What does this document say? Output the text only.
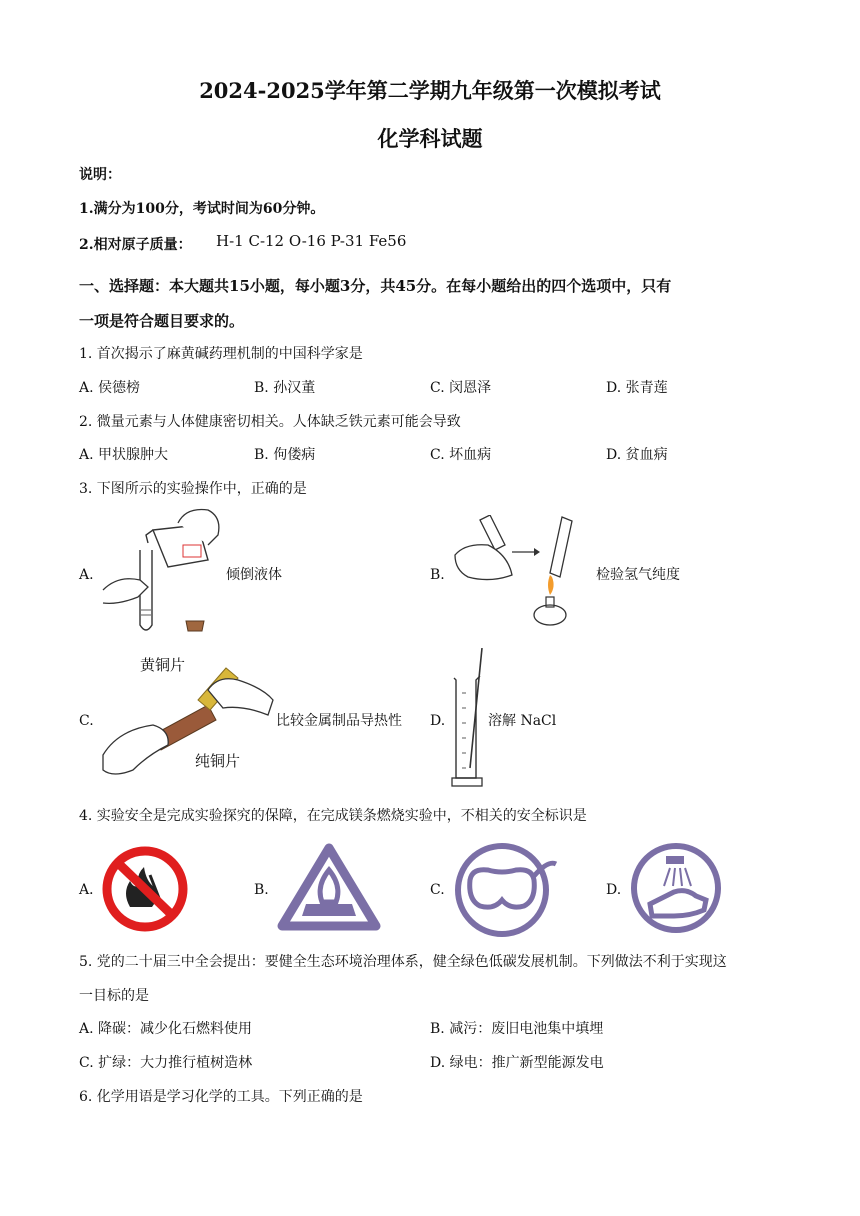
2024-2025学年第二学期九年级第一次模拟考试
化学科试题
说明：
1.满分为100分，考试时间为60分钟。
2.相对原子质量： H-1 C-12 O-16 P-31 Fe56
一、选择题：本大题共15小题，每小题3分，共45分。在每小题给出的四个选项中，只有
一项是符合题目要求的。
1. 首次揭示了麻黄碱药理机制的中国科学家是
A. 侯德榜	B. 孙汉董	C. 闵恩泽	D. 张青莲
2. 微量元素与人体健康密切相关。人体缺乏铁元素可能会导致
A. 甲状腺肿大	B. 佝偻病	C. 坏血病	D. 贫血病
3. 下图所示的实验操作中，正确的是
A.	倾倒液体	B.	检验氢气纯度
C.
黄铜片
纯铜片
比较金属制品导热性 D.	溶解 NaCl
4. 实验安全是完成实验探究的保障，在完成镁条燃烧实验中，不相关的安全标识是
A．	B.	C.	D.
5. 党的二十届三中全会提出：要健全生态环境治理体系，健全绿色低碳发展机制。下列做法不利于实现这
一目标的是
A. 降碳：减少化石燃料使用	B. 减污：废旧电池集中填埋
C. 扩绿：大力推行植树造林	D. 绿电：推广新型能源发电
6. 化学用语是学习化学的工具。下列正确的是
